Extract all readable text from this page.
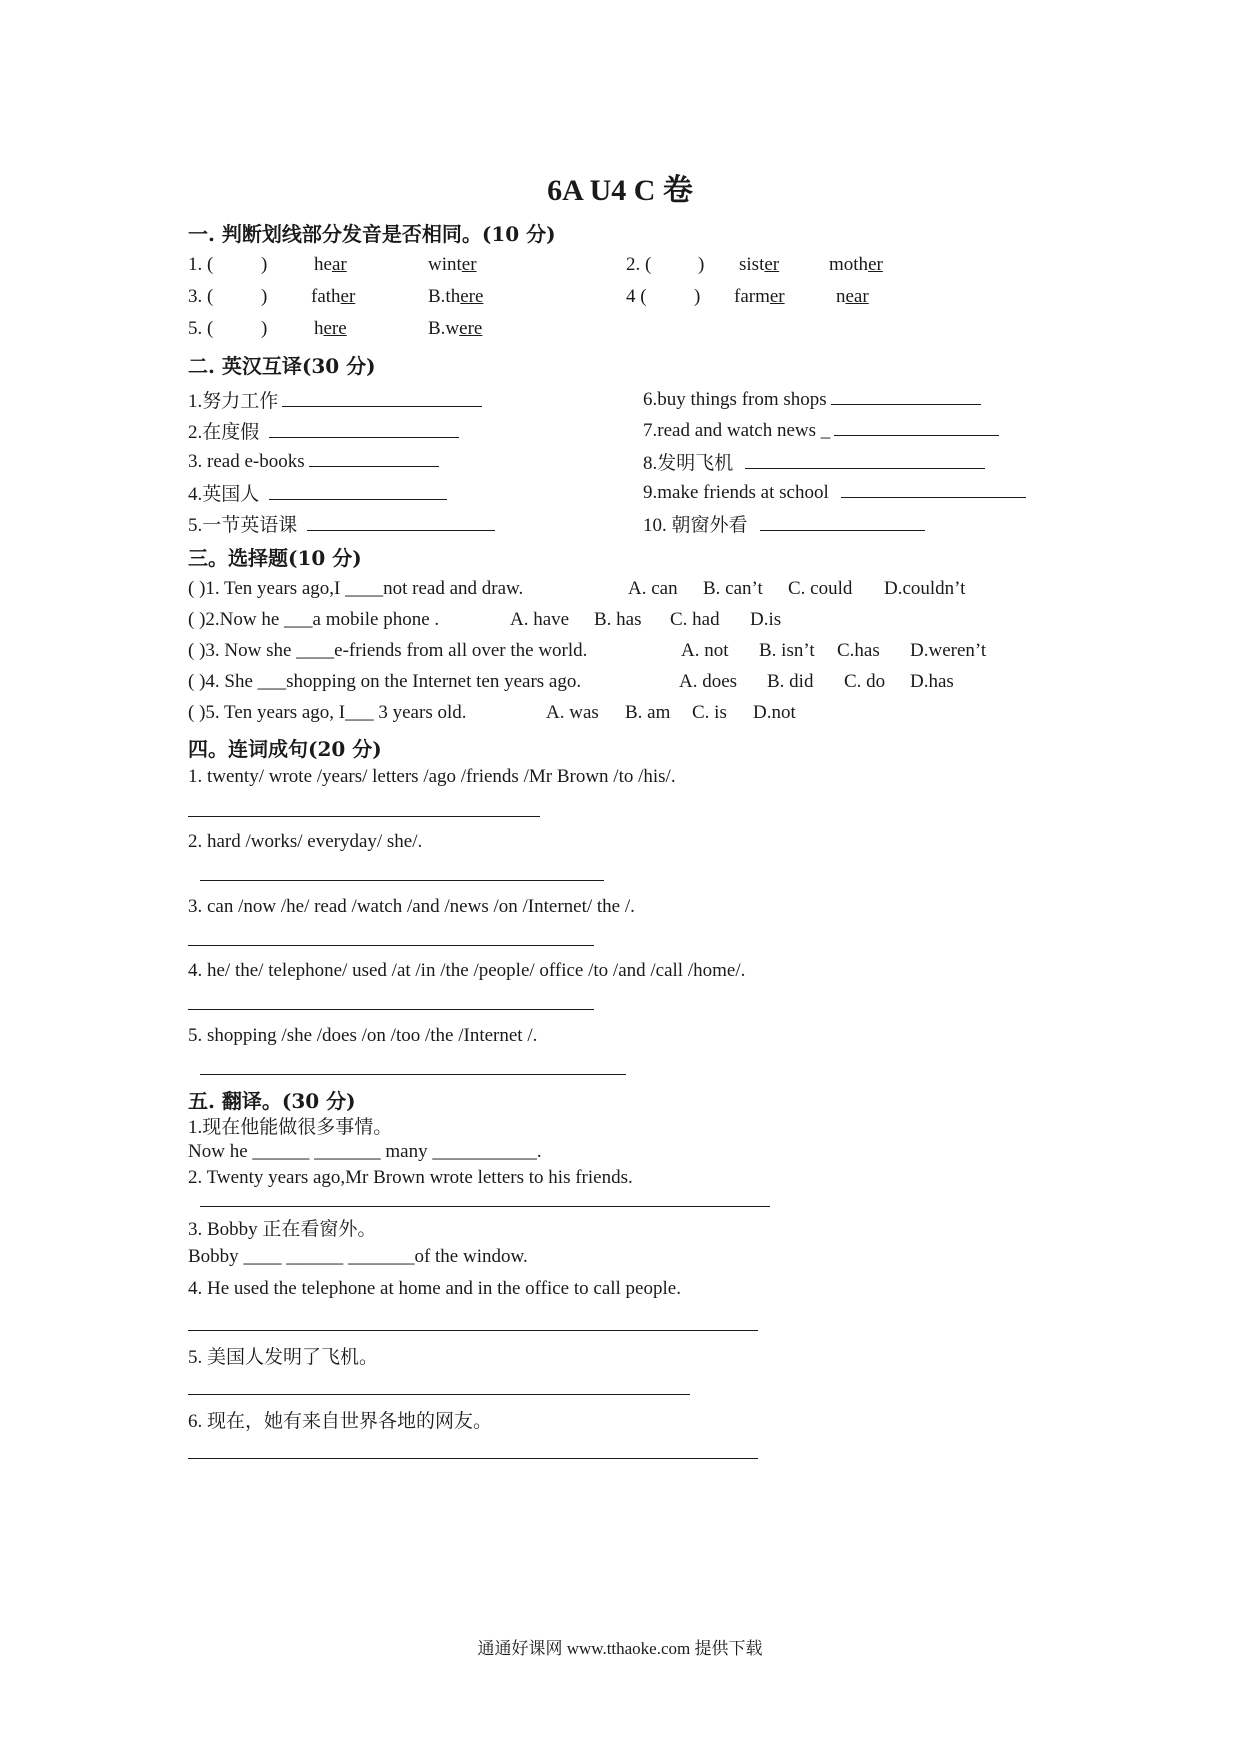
6A U4 C 卷
一. 判断划线部分发音是否相同。(10 分)
1. (	) hear	winter	2. ( ) sister	mother
3. (	) father	B.there	4 ( ) farmer	near
5. (	) here	B.were
二. 英汉互译(30 分)
1.努力工作
2.在度假
3. read e-books
4.英国人
5.一节英语课
6.buy things from shops
7.read and watch news _
8.发明飞机
9.make friends at school
10. 朝窗外看
三。选择题(10 分)
( )1. Ten years ago,I ____not read and draw.	A. can B. can’t C. could D.couldn’t
( )2.Now he ___a mobile phone .	A. have B. has C. had D.is
( )3. Now she ____e-friends from all over the world.	A. not B. isn’t C.has D.weren’t
( )4. She ___shopping on the Internet ten years ago.	A. does B. did C. do D.has
( )5. Ten years ago, I___ 3 years old.	A. was B. am C. is D.not
四。连词成句(20 分)
1. twenty/ wrote /years/ letters /ago /friends /Mr Brown /to /his/.
2. hard /works/ everyday/ she/.
3. can /now /he/ read /watch /and /news /on /Internet/ the /.
4. he/ the/ telephone/ used /at /in /the /people/ office /to /and /call /home/.
5. shopping /she /does /on /too /the /Internet /.
五. 翻译。(30 分)
1.现在他能做很多事情。
Now he ______ _______ many ___________.
2. Twenty years ago,Mr Brown wrote letters to his friends.
3. Bobby 正在看窗外。
Bobby ____ ______ _______of the window.
4. He used the telephone at home and in the office to call people.
5. 美国人发明了飞机。
6. 现在，她有来自世界各地的网友。
通通好课网 www.tthaoke.com 提供下载
